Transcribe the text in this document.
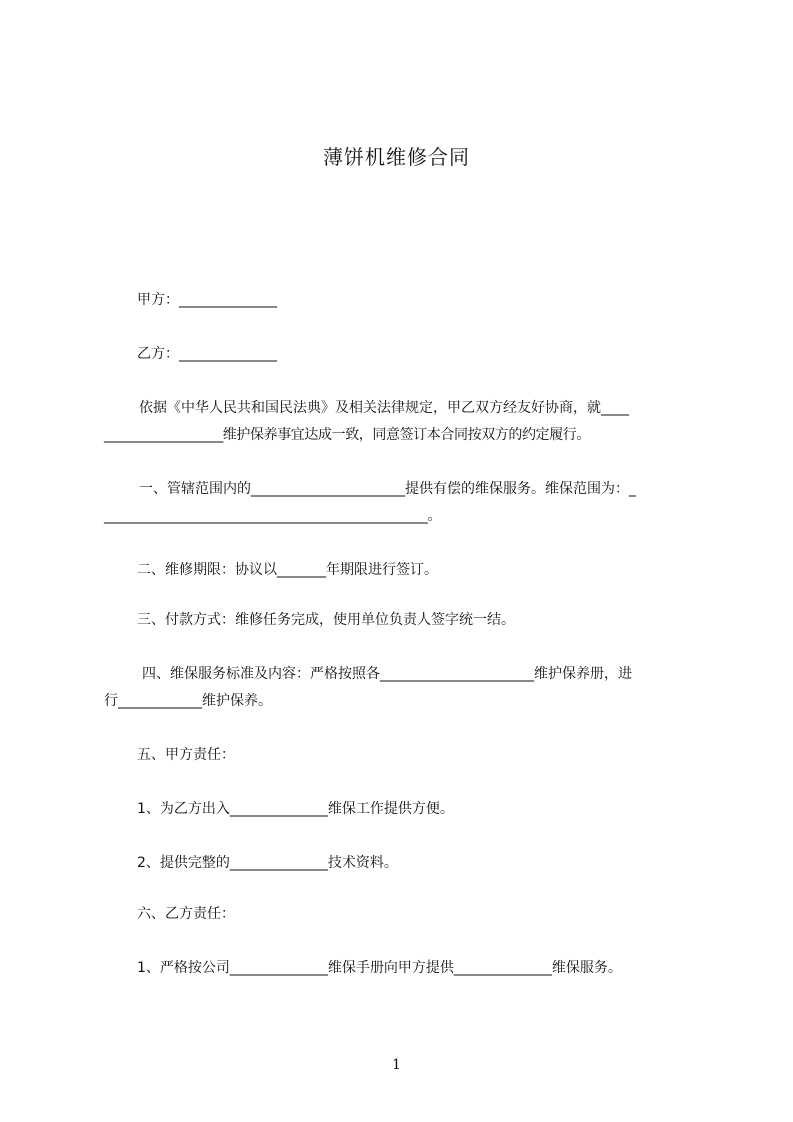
薄饼机维修合同
甲方：______________
乙方：______________
依据《中华人民共和国民法典》及相关法律规定，甲乙双方经友好协商，就____
__________________维护保养事宜达成一致，同意签订本合同按双方的约定履行。
一、管辖范围内的______________________提供有偿的维保服务。维保范围为：_
_________________________________________________。
二、维修期限：协议以_______年期限进行签订。
三、付款方式：维修任务完成，使用单位负责人签字统一结。
四、维保服务标准及内容：严格按照各______________________维护保养册，进
行____________维护保养。
五、甲方责任：
1、为乙方出入______________维保工作提供方便。
2、提供完整的______________技术资料。
六、乙方责任：
1、严格按公司______________维保手册向甲方提供______________维保服务。
1
